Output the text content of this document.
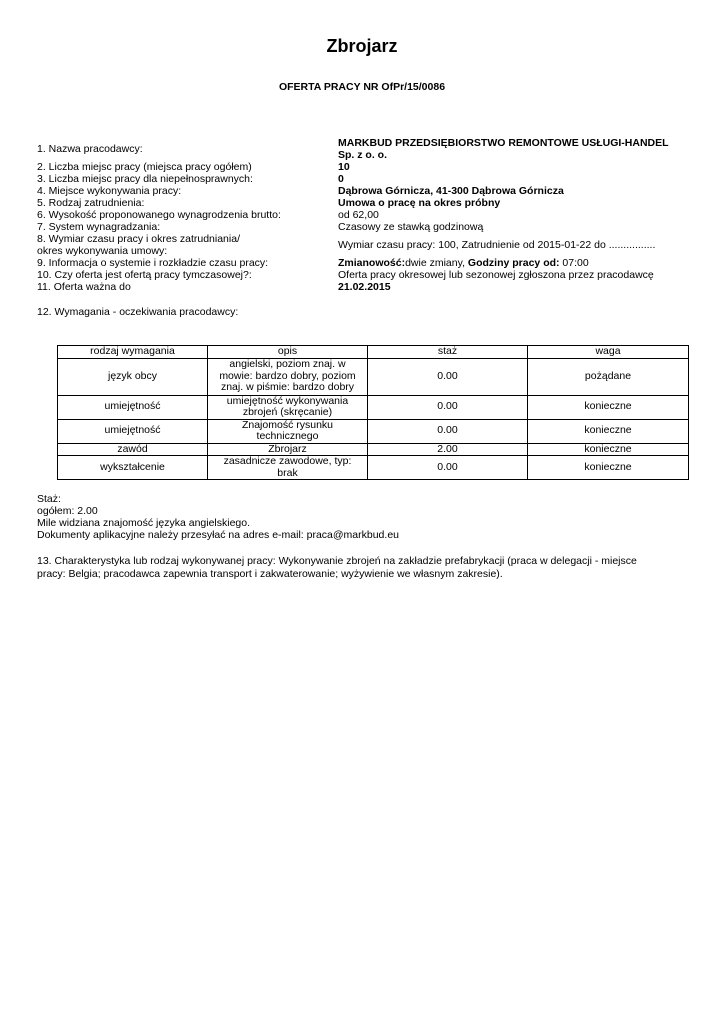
Zbrojarz
OFERTA PRACY NR OfPr/15/0086
1. Nazwa pracodawcy:	MARKBUD PRZEDSIĘBIORSTWO REMONTOWE USŁUGI-HANDEL
Sp. z o. o.
2. Liczba miejsc pracy (miejsca pracy ogółem)	10
3. Liczba miejsc pracy dla niepełnosprawnych:	0
4. Miejsce wykonywania pracy:	Dąbrowa Górnicza, 41-300 Dąbrowa Górnicza
5. Rodzaj zatrudnienia:	Umowa o pracę na okres próbny
6. Wysokość proponowanego wynagrodzenia brutto:	od 62,00
7. System wynagradzania:	Czasowy ze stawką godzinową
8. Wymiar czasu pracy i okres zatrudniania/
okres wykonywania umowy:	Wymiar czasu pracy: 100, Zatrudnienie od 2015-01-22 do ................
9. Informacja o systemie i rozkładzie czasu pracy:	Zmianowość:dwie zmiany, Godziny pracy od: 07:00
10. Czy oferta jest ofertą pracy tymczasowej?:	Oferta pracy okresowej lub sezonowej zgłoszona przez pracodawcę
11. Oferta ważna do	21.02.2015
12. Wymagania - oczekiwania pracodawcy:
rodzaj wymagania	opis	staż	waga
język obcy	angielski, poziom znaj. w
mowie: bardzo dobry, poziom
znaj. w piśmie: bardzo dobry	0.00	pożądane
umiejętność	umiejętność wykonywania
zbrojeń (skręcanie)	0.00	konieczne
umiejętność	Znajomość rysunku
technicznego	0.00	konieczne
zawód	Zbrojarz	2.00	konieczne
wykształcenie	zasadnicze zawodowe, typ:
brak	0.00	konieczne
Staż:
ogółem: 2.00
Mile widziana znajomość języka angielskiego.
Dokumenty aplikacyjne należy przesyłać na adres e-mail: praca@markbud.eu
13. Charakterystyka lub rodzaj wykonywanej pracy: Wykonywanie zbrojeń na zakładzie prefabrykacji (praca w delegacji - miejsce
pracy: Belgia; pracodawca zapewnia transport i zakwaterowanie; wyżywienie we własnym zakresie).
